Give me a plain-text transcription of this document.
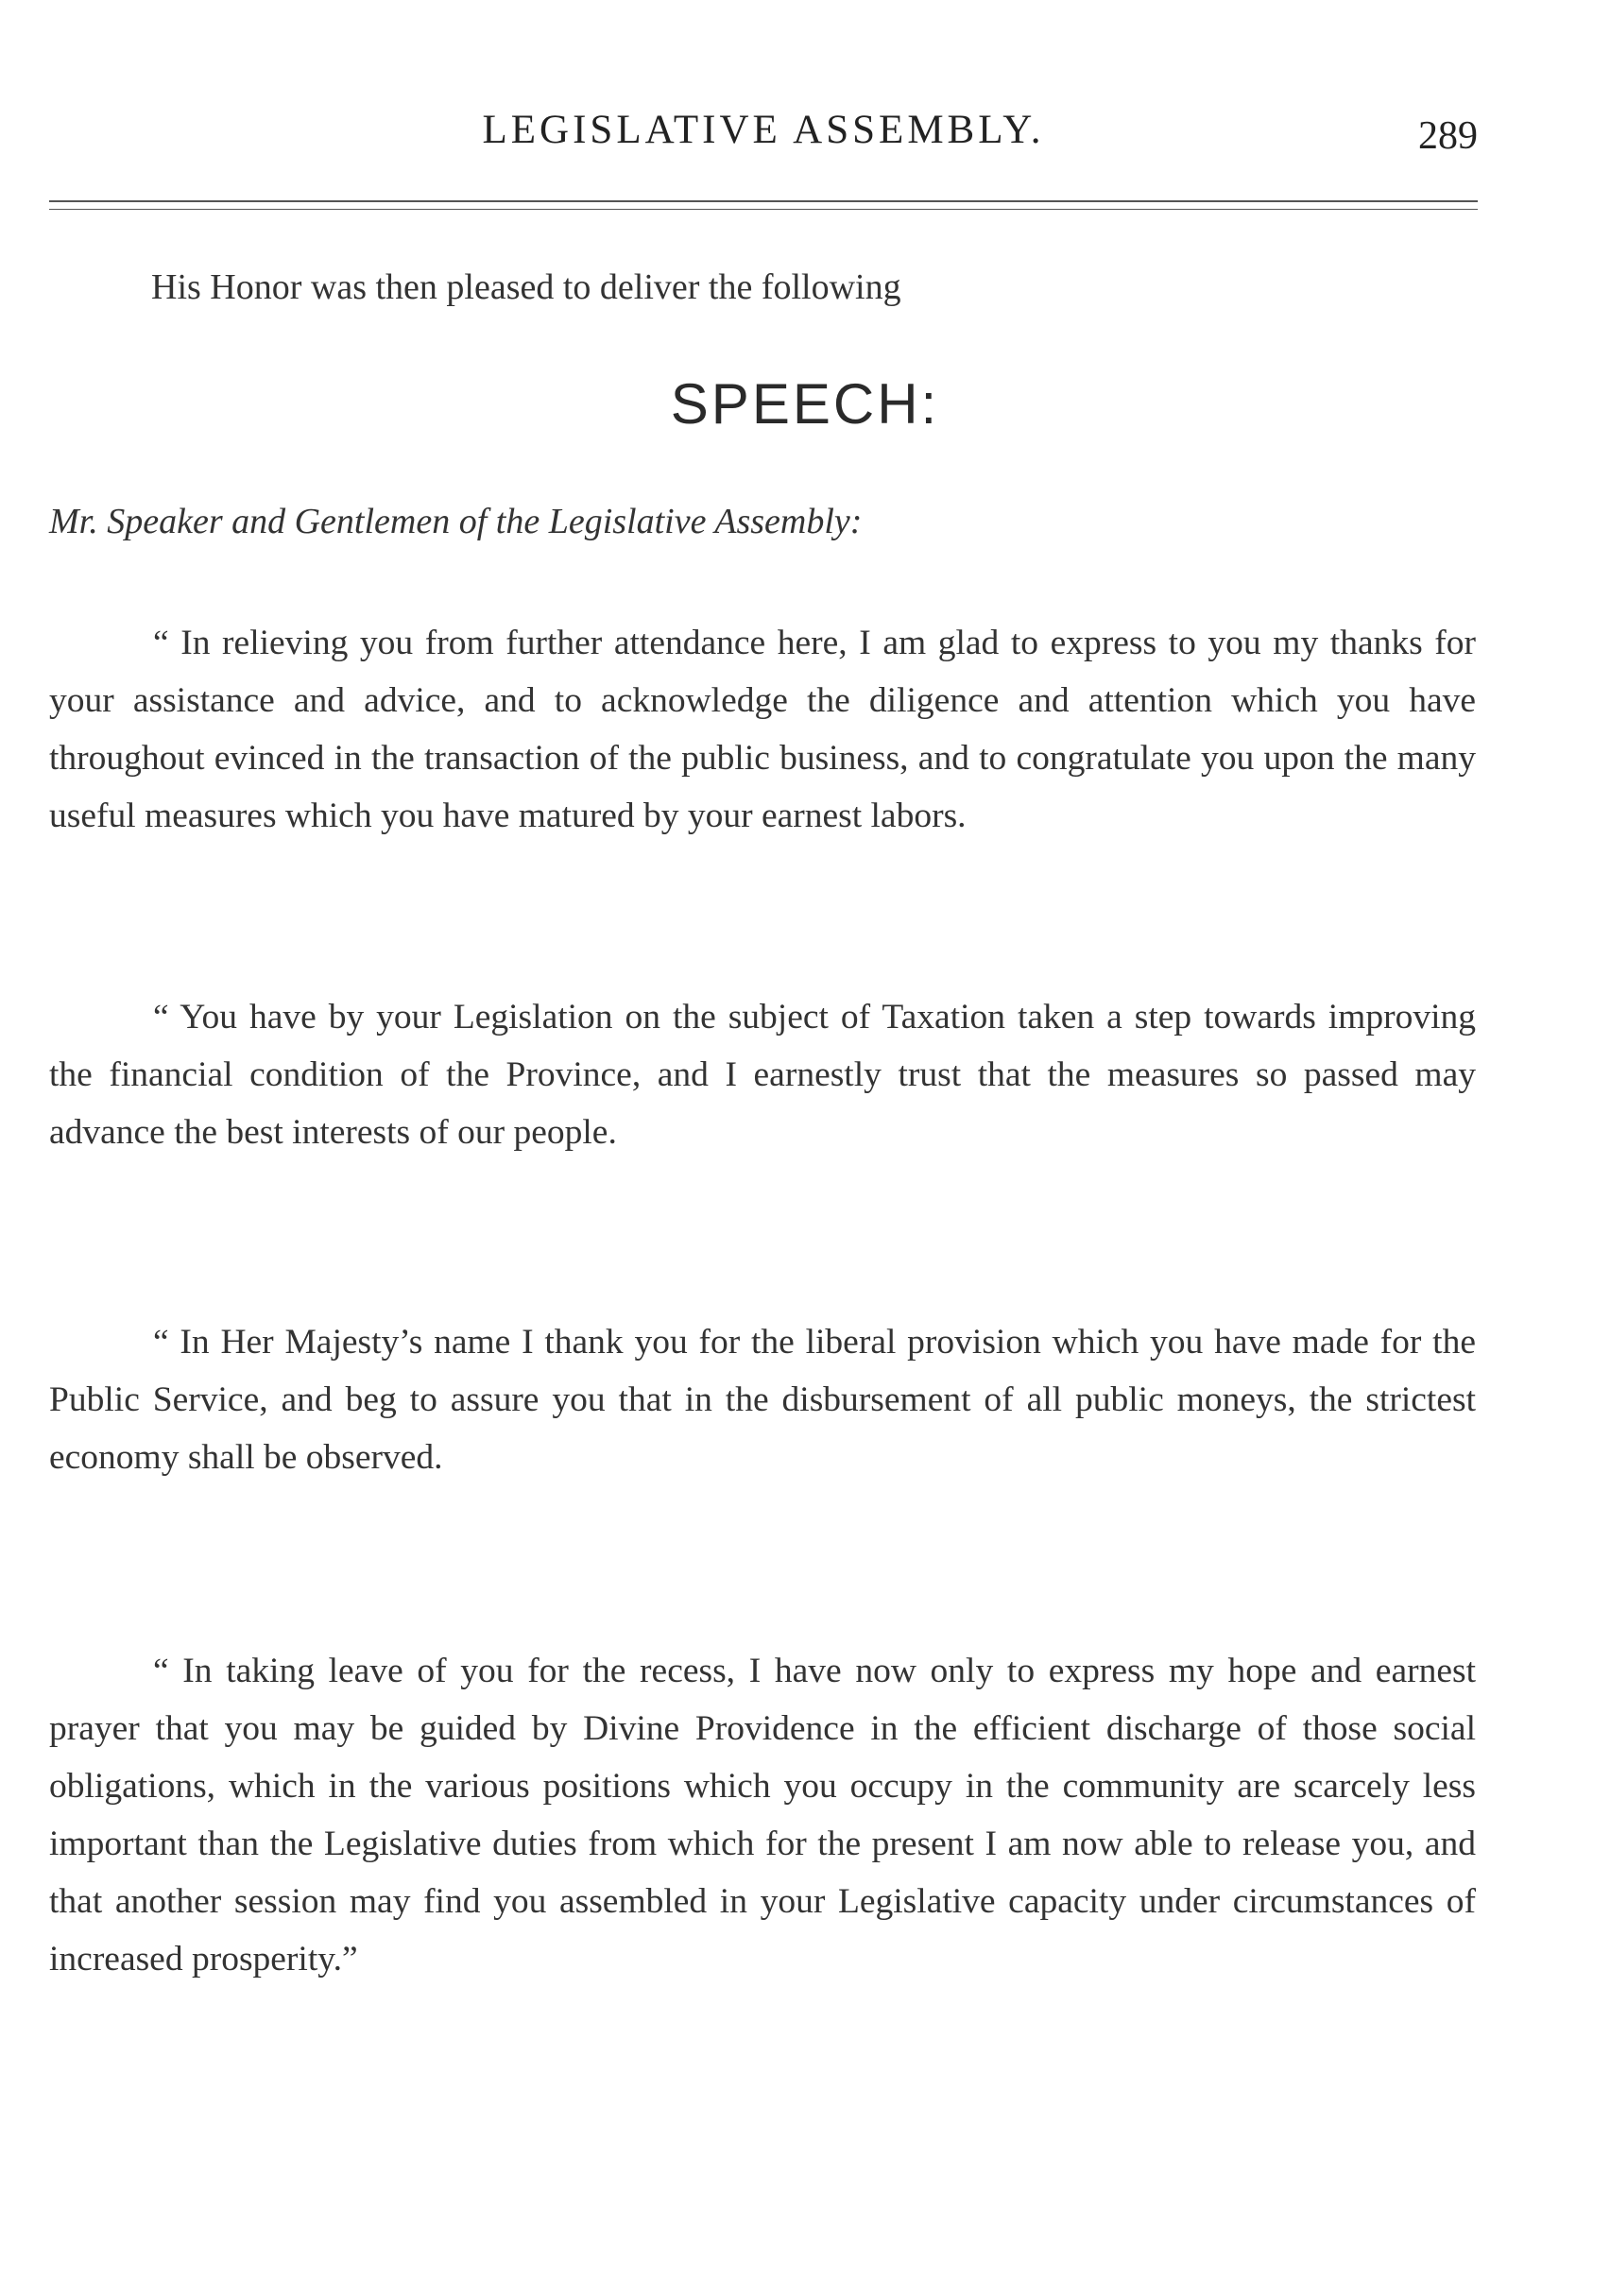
LEGISLATIVE ASSEMBLY.	289
His Honor was then pleased to deliver the following
SPEECH:
Mr. Speaker and Gentlemen of the Legislative Assembly:

“ In relieving you from further attendance here, I am glad to express to you my thanks for your assistance and advice, and to acknowledge the diligence and attention which you have throughout evinced in the transaction of the public business, and to congratulate you upon the many useful measures which you have matured by your earnest labors.

“ You have by your Legislation on the subject of Taxation taken a step towards improving the financial condition of the Province, and I earnestly trust that the measures so passed may advance the best interests of our people.

“ In Her Majesty’s name I thank you for the liberal provision which you have made for the Public Service, and beg to assure you that in the disbursement of all public moneys, the strictest economy shall be observed.

“ In taking leave of you for the recess, I have now only to express my hope and earnest prayer that you may be guided by Divine Providence in the efficient discharge of those social obligations, which in the various positions which you occupy in the community are scarcely less important than the Legislative duties from which for the present I am now able to release you, and that another session may find you assembled in your Legislative capacity under circumstances of increased prosperity.”
